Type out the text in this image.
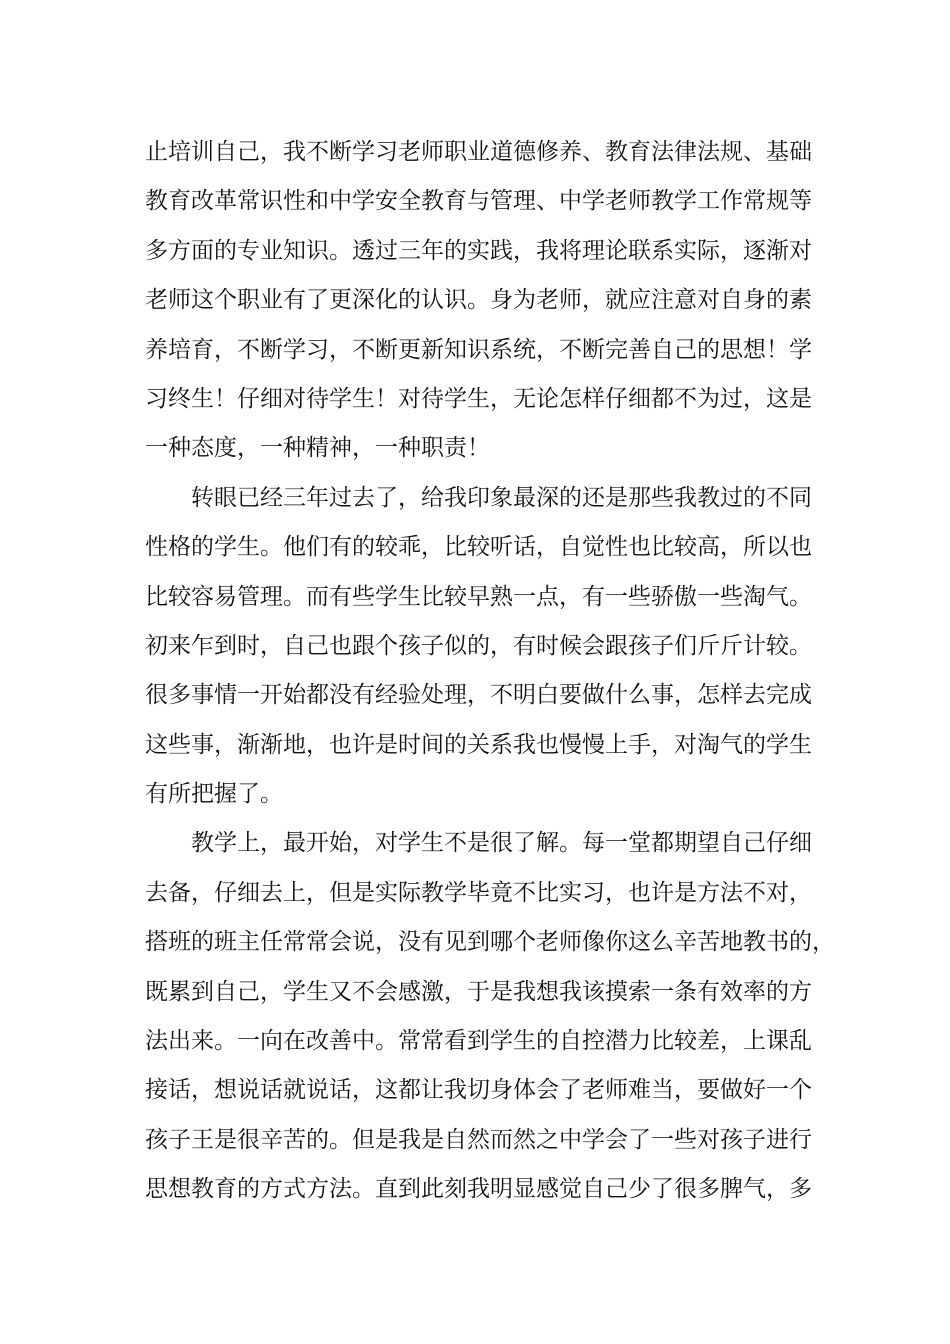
止培训自己，我不断学习老师职业道德修养、教育法律法规、基础
教育改革常识性和中学安全教育与管理、中学老师教学工作常规等
多方面的专业知识。透过三年的实践，我将理论联系实际，逐渐对
老师这个职业有了更深化的认识。身为老师，就应注意对自身的素
养培育，不断学习，不断更新知识系统，不断完善自己的思想！学
习终生！仔细对待学生！对待学生，无论怎样仔细都不为过，这是
一种态度，一种精神，一种职责！
转眼已经三年过去了，给我印象最深的还是那些我教过的不同
性格的学生。他们有的较乖，比较听话，自觉性也比较高，所以也
比较容易管理。而有些学生比较早熟一点，有一些骄傲一些淘气。
初来乍到时，自己也跟个孩子似的，有时候会跟孩子们斤斤计较。
很多事情一开始都没有经验处理，不明白要做什么事，怎样去完成
这些事，渐渐地，也许是时间的关系我也慢慢上手，对淘气的学生
有所把握了。
教学上，最开始，对学生不是很了解。每一堂都期望自己仔细
去备，仔细去上，但是实际教学毕竟不比实习，也许是方法不对，
搭班的班主任常常会说，没有见到哪个老师像你这么辛苦地教书的，
既累到自己，学生又不会感激，于是我想我该摸索一条有效率的方
法出来。一向在改善中。常常看到学生的自控潜力比较差，上课乱
接话，想说话就说话，这都让我切身体会了老师难当，要做好一个
孩子王是很辛苦的。但是我是自然而然之中学会了一些对孩子进行
思想教育的方式方法。直到此刻我明显感觉自己少了很多脾气，多
